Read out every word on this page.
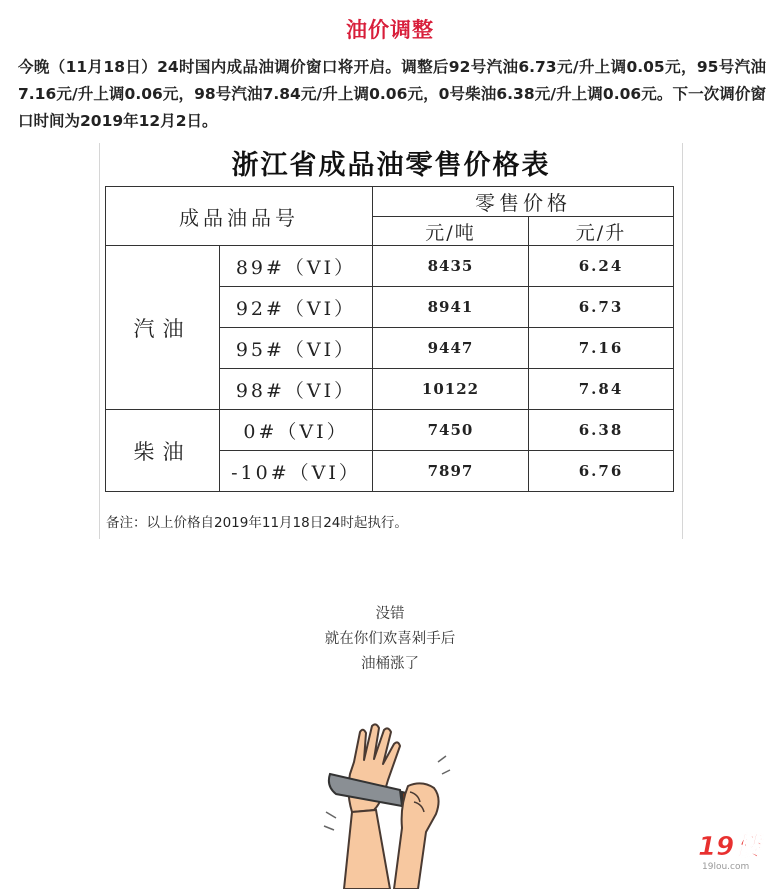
油价调整
今晚（11月18日）24时国内成品油调价窗口将开启。调整后92号汽油6.73元/升上调0.05元，95号汽油7.16元/升上调0.06元，98号汽油7.84元/升上调0.06元，0号柴油6.38元/升上调0.06元。下一次调价窗口时间为2019年12月2日。
浙江省成品油零售价格表
成品油品号		零售价格	
		元/吨	元/升
汽油	89#（VI）	8435	6.24
	92#（VI）	8941	6.73
	95#（VI）	9447	7.16
	98#（VI）	10122	7.84
柴油	0#（VI）	7450	6.38
	-10#（VI）	7897	6.76
备注：以上价格自2019年11月18日24时起执行。
没错
就在你们欢喜剁手后
油桶涨了
19楼
19lou.com
